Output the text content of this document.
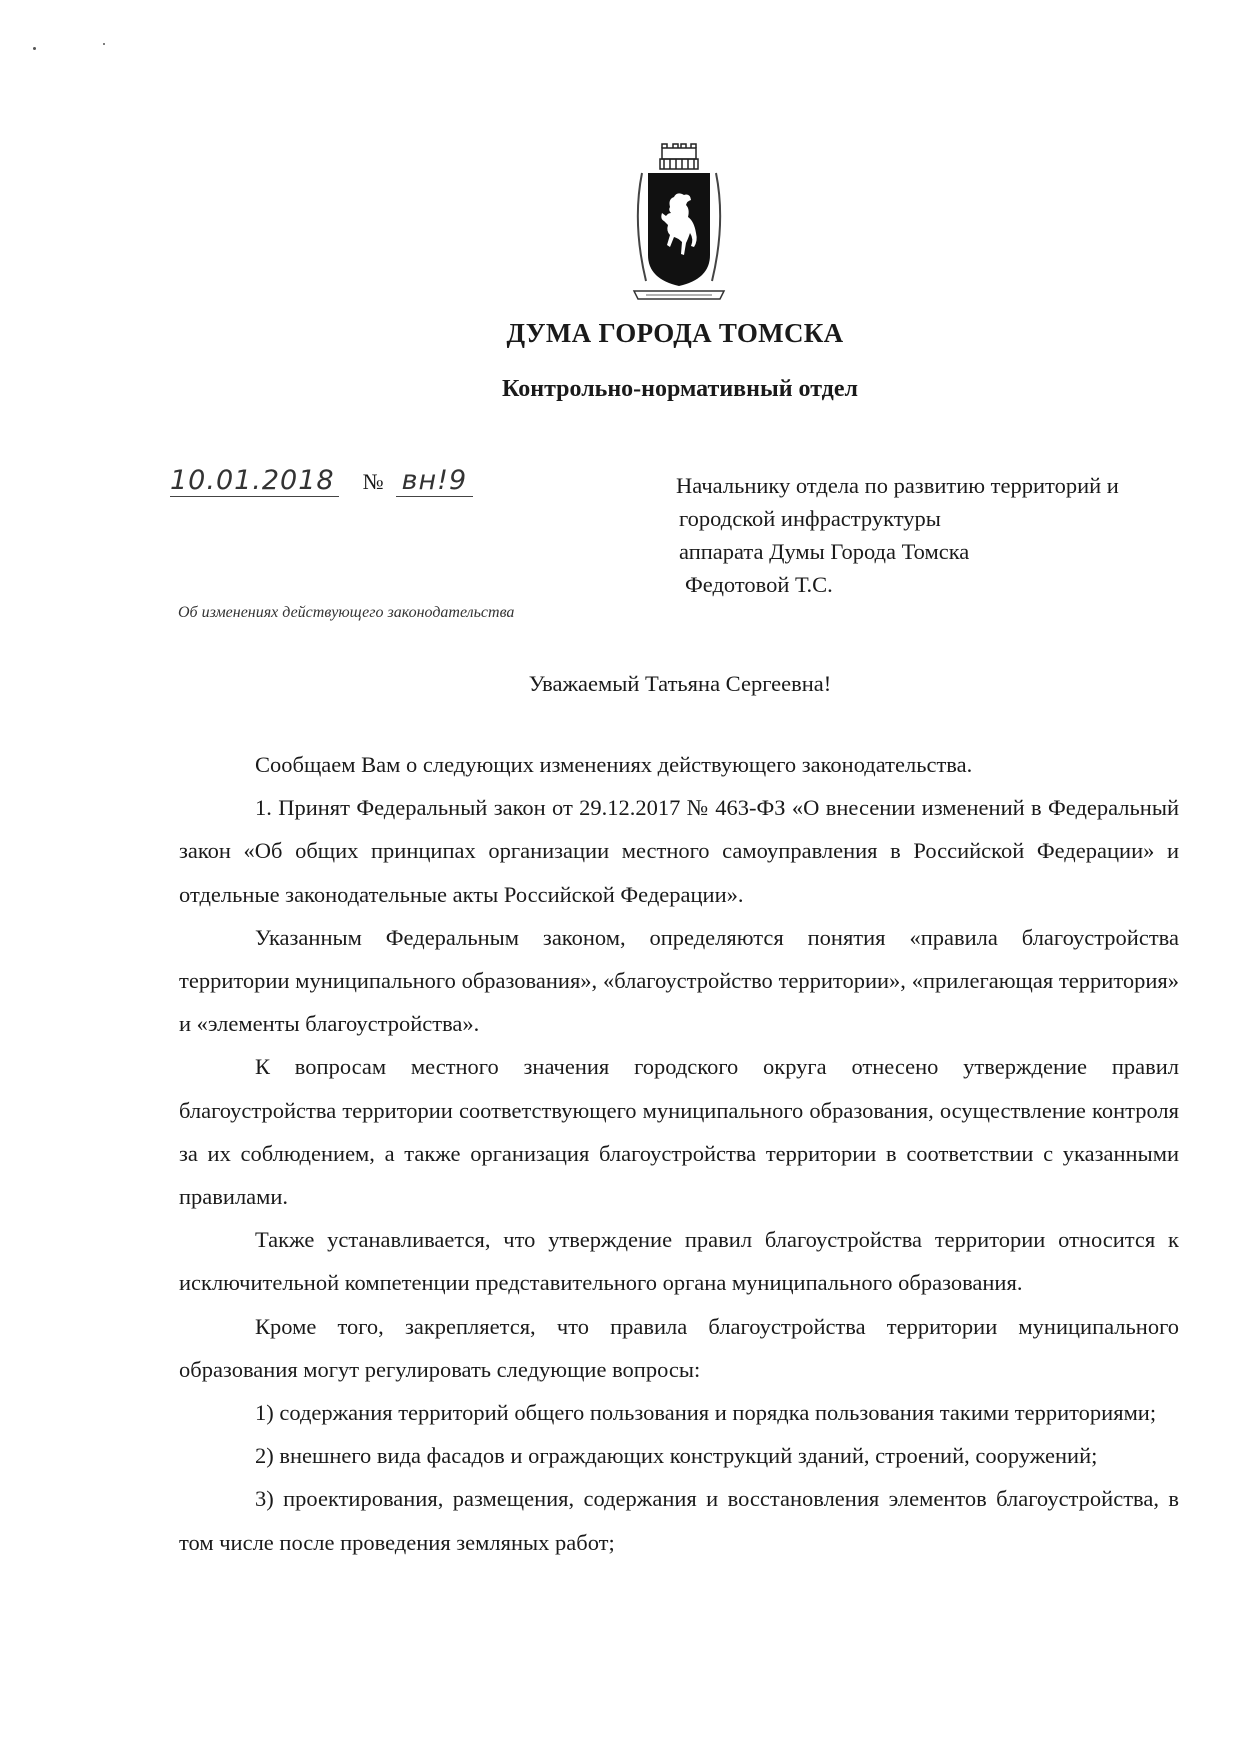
ДУМА ГОРОДА ТОМСКА
Контрольно-нормативный отдел
10.01.2018 № вн!9	Начальнику отдела по развитию территорий и
городской инфраструктуры
аппарата Думы Города Томска
Федотовой Т.С.
Об изменениях действующего законодательства
Уважаемый Татьяна Сергеевна!

Сообщаем Вам о следующих изменениях действующего законодательства.

1. Принят Федеральный закон от 29.12.2017 № 463-ФЗ «О внесении изменений в Федеральный закон «Об общих принципах организации местного самоуправления в Российской Федерации» и отдельные законодательные акты Российской Федерации».

Указанным Федеральным законом, определяются понятия «правила благоустройства территории муниципального образования», «благоустройство территории», «прилегающая территория» и «элементы благоустройства».

К вопросам местного значения городского округа отнесено утверждение правил благоустройства территории соответствующего муниципального образования, осуществление контроля за их соблюдением, а также организация благоустройства территории в соответствии с указанными правилами.

Также устанавливается, что утверждение правил благоустройства территории относится к исключительной компетенции представительного органа муниципального образования.

Кроме того, закрепляется, что правила благоустройства территории муниципального образования могут регулировать следующие вопросы:

1) содержания территорий общего пользования и порядка пользования такими территориями;

2) внешнего вида фасадов и ограждающих конструкций зданий, строений, сооружений;

3) проектирования, размещения, содержания и восстановления элементов благоустройства, в том числе после проведения земляных работ;
